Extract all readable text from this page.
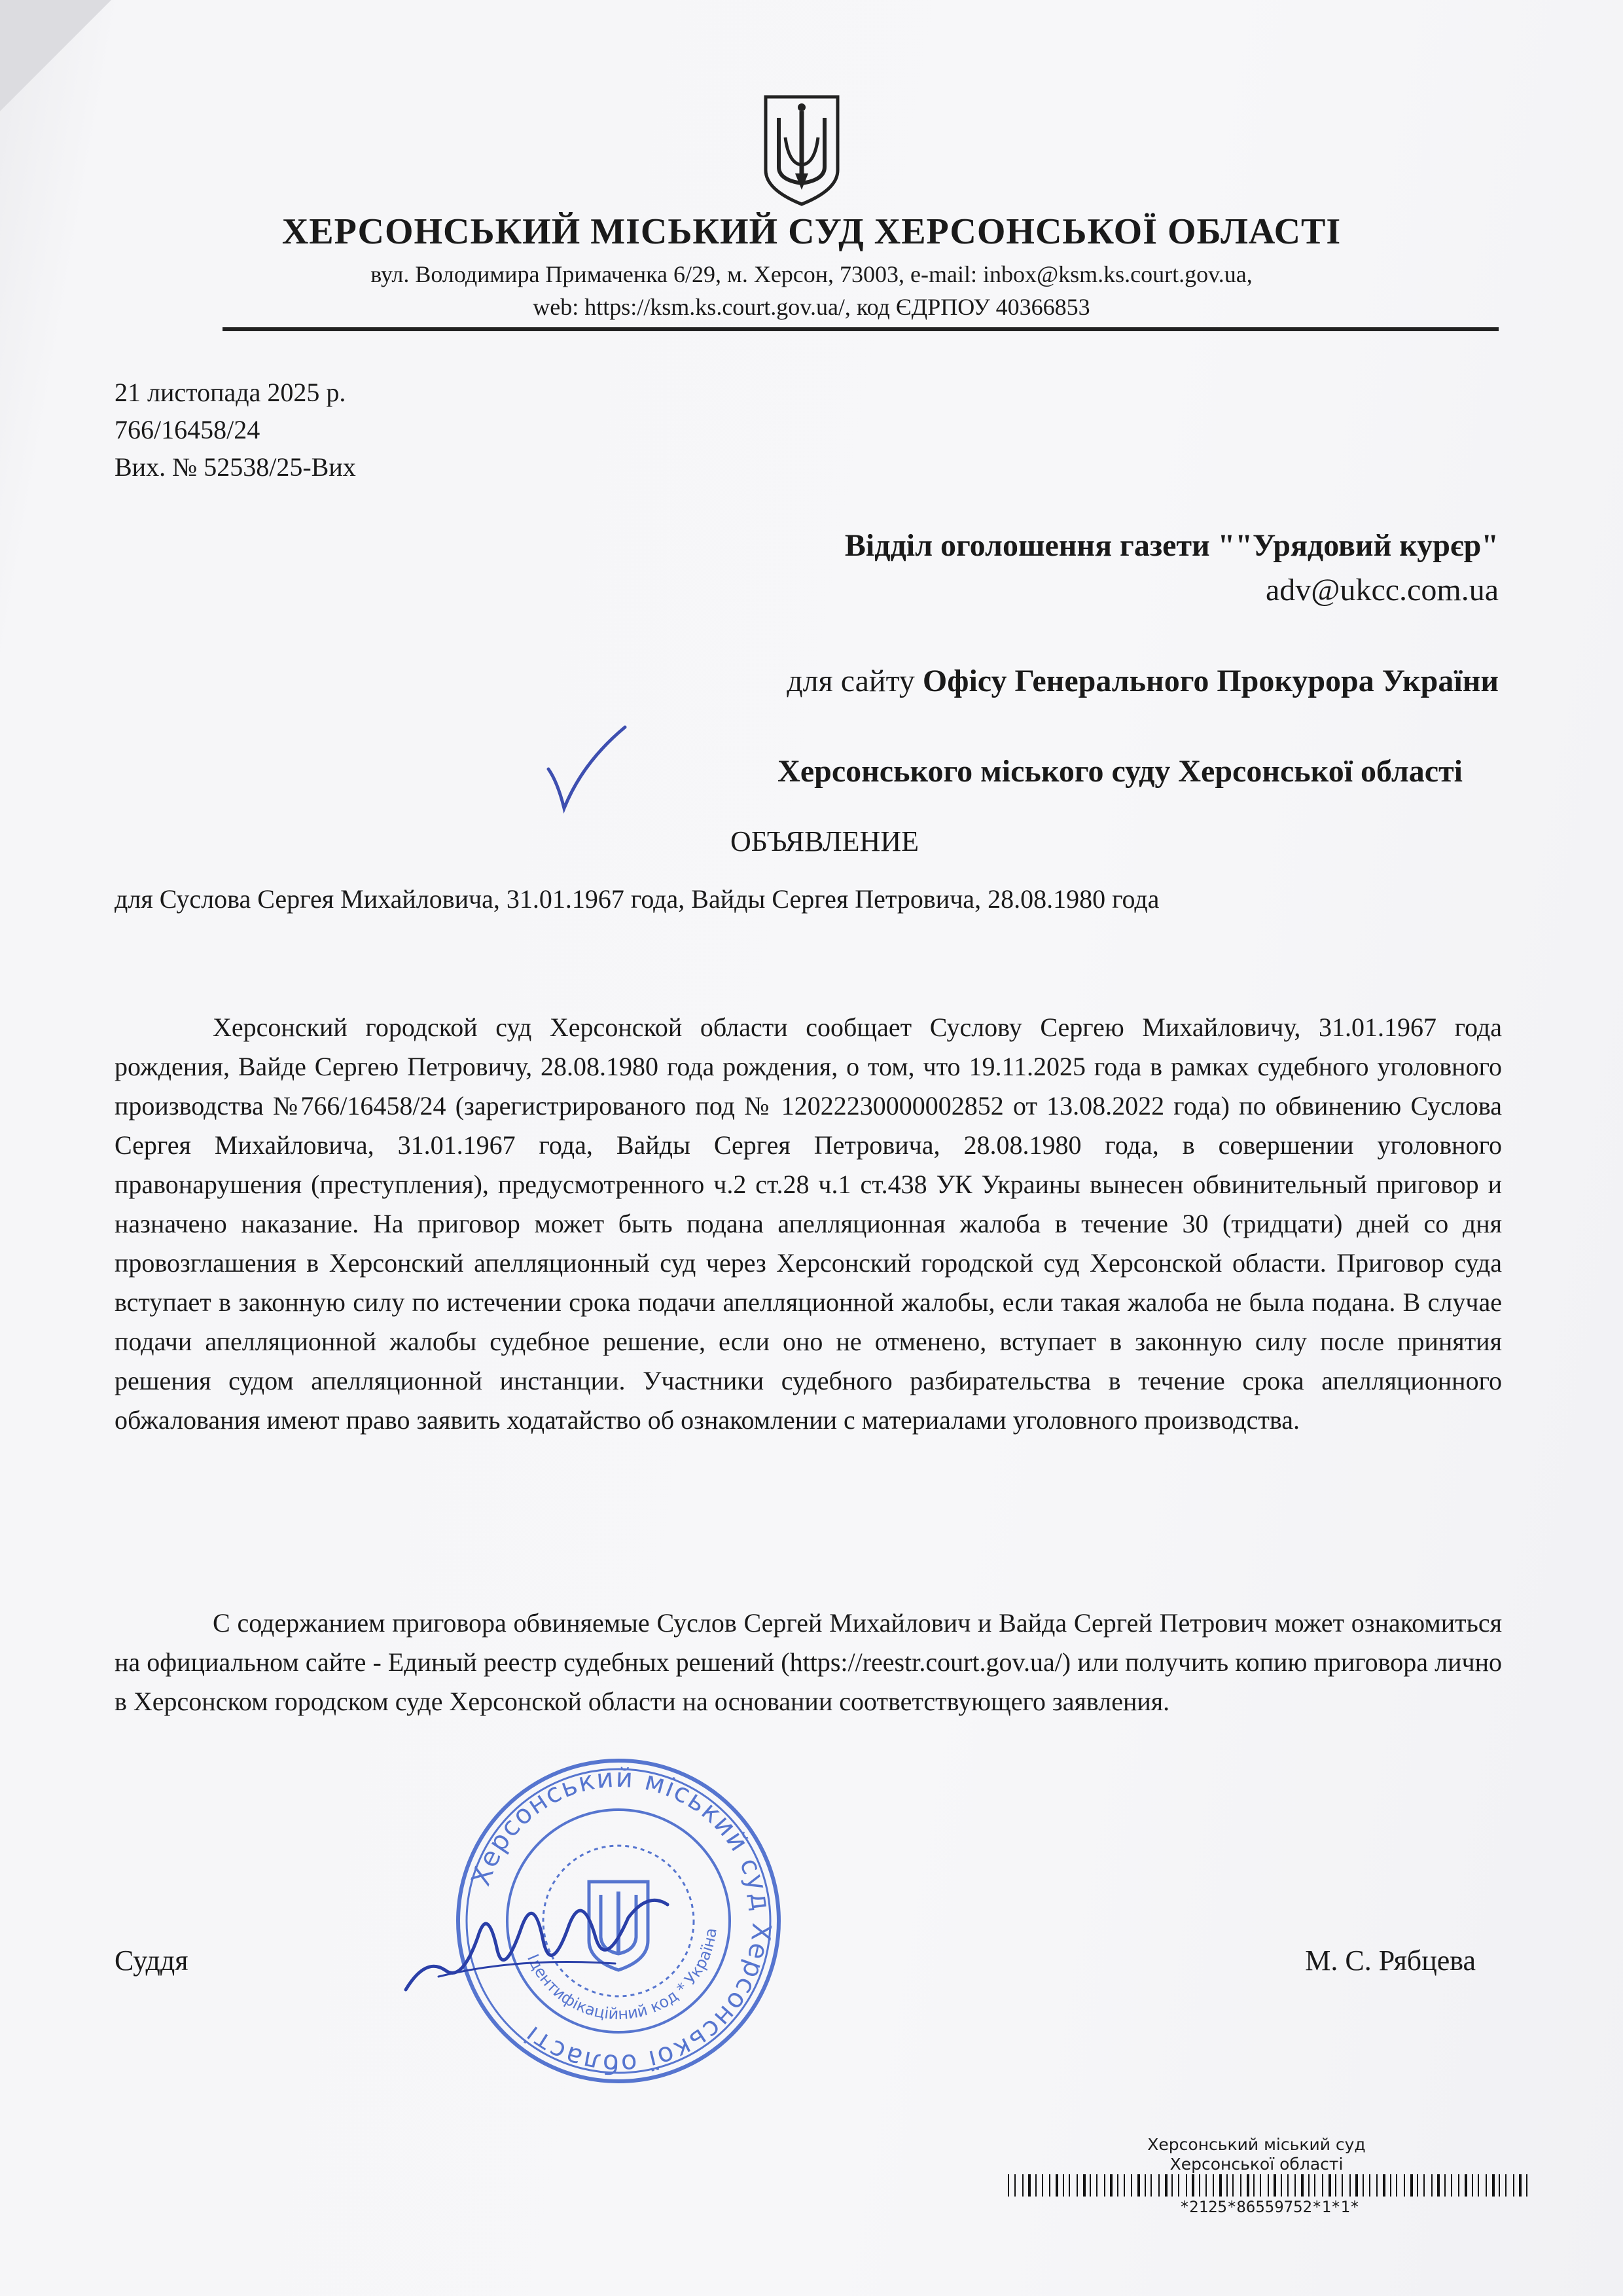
ХЕРСОНСЬКИЙ МІСЬКИЙ СУД ХЕРСОНСЬКОЇ ОБЛАСТІ
вул. Володимира Примаченка 6/29, м. Херсон, 73003, e-mail: inbox@ksm.ks.court.gov.ua,
web: https://ksm.ks.court.gov.ua/, код ЄДРПОУ 40366853
21 листопада 2025 р.
766/16458/24
Вих. № 52538/25-Вих
Відділ оголошення газети ""Урядовий курєр"
adv@ukcc.com.ua
для сайту Офісу Генерального Прокурора України
Херсонського міського суду Херсонської області
ОБЪЯВЛЕНИЕ
для Суслова Сергея Михайловича, 31.01.1967 года, Вайды Сергея Петровича, 28.08.1980 года
Херсонский городской суд Херсонской области сообщает Суслову Сергею Михайловичу, 31.01.1967 года рождения, Вайде Сергею Петровичу, 28.08.1980 года рождения, о том, что 19.11.2025 года в рамках судебного уголовного производства №766/16458/24 (зарегистрированого под № 12022230000002852 от 13.08.2022 года) по обвинению Суслова Сергея Михайловича, 31.01.1967 года, Вайды Сергея Петровича, 28.08.1980 года, в совершении уголовного правонарушения (преступления), предусмотренного ч.2 ст.28 ч.1 ст.438 УК Украины вынесен обвинительный приговор и назначено наказание. На приговор может быть подана апелляционная жалоба в течение 30 (тридцати) дней со дня провозглашения в Херсонский апелляционный суд через Херсонский городской суд Херсонской области. Приговор суда вступает в законную силу по истечении срока подачи апелляционной жалобы, если такая жалоба не была подана. В случае подачи апелляционной жалобы судебное решение, если оно не отменено, вступает в законную силу после принятия решения судом апелляционной инстанции. Участники судебного разбирательства в течение срока апелляционного обжалования имеют право заявить ходатайство об ознакомлении с материалами уголовного производства.
С содержанием приговора обвиняемые Суслов Сергей Михайлович и Вайда Сергей Петрович может ознакомиться на официальном сайте - Единый реестр судебных решений (https://reestr.court.gov.ua/) или получить копию приговора лично в Херсонском городском суде Херсонской области на основании соответствующего заявления.
Херсонський міський суд Херсонської області
Ідентифікаційний код * Україна
Суддя	М. С. Рябцева
Херсонський міський суд
Херсонської області
*2125*86559752*1*1*
